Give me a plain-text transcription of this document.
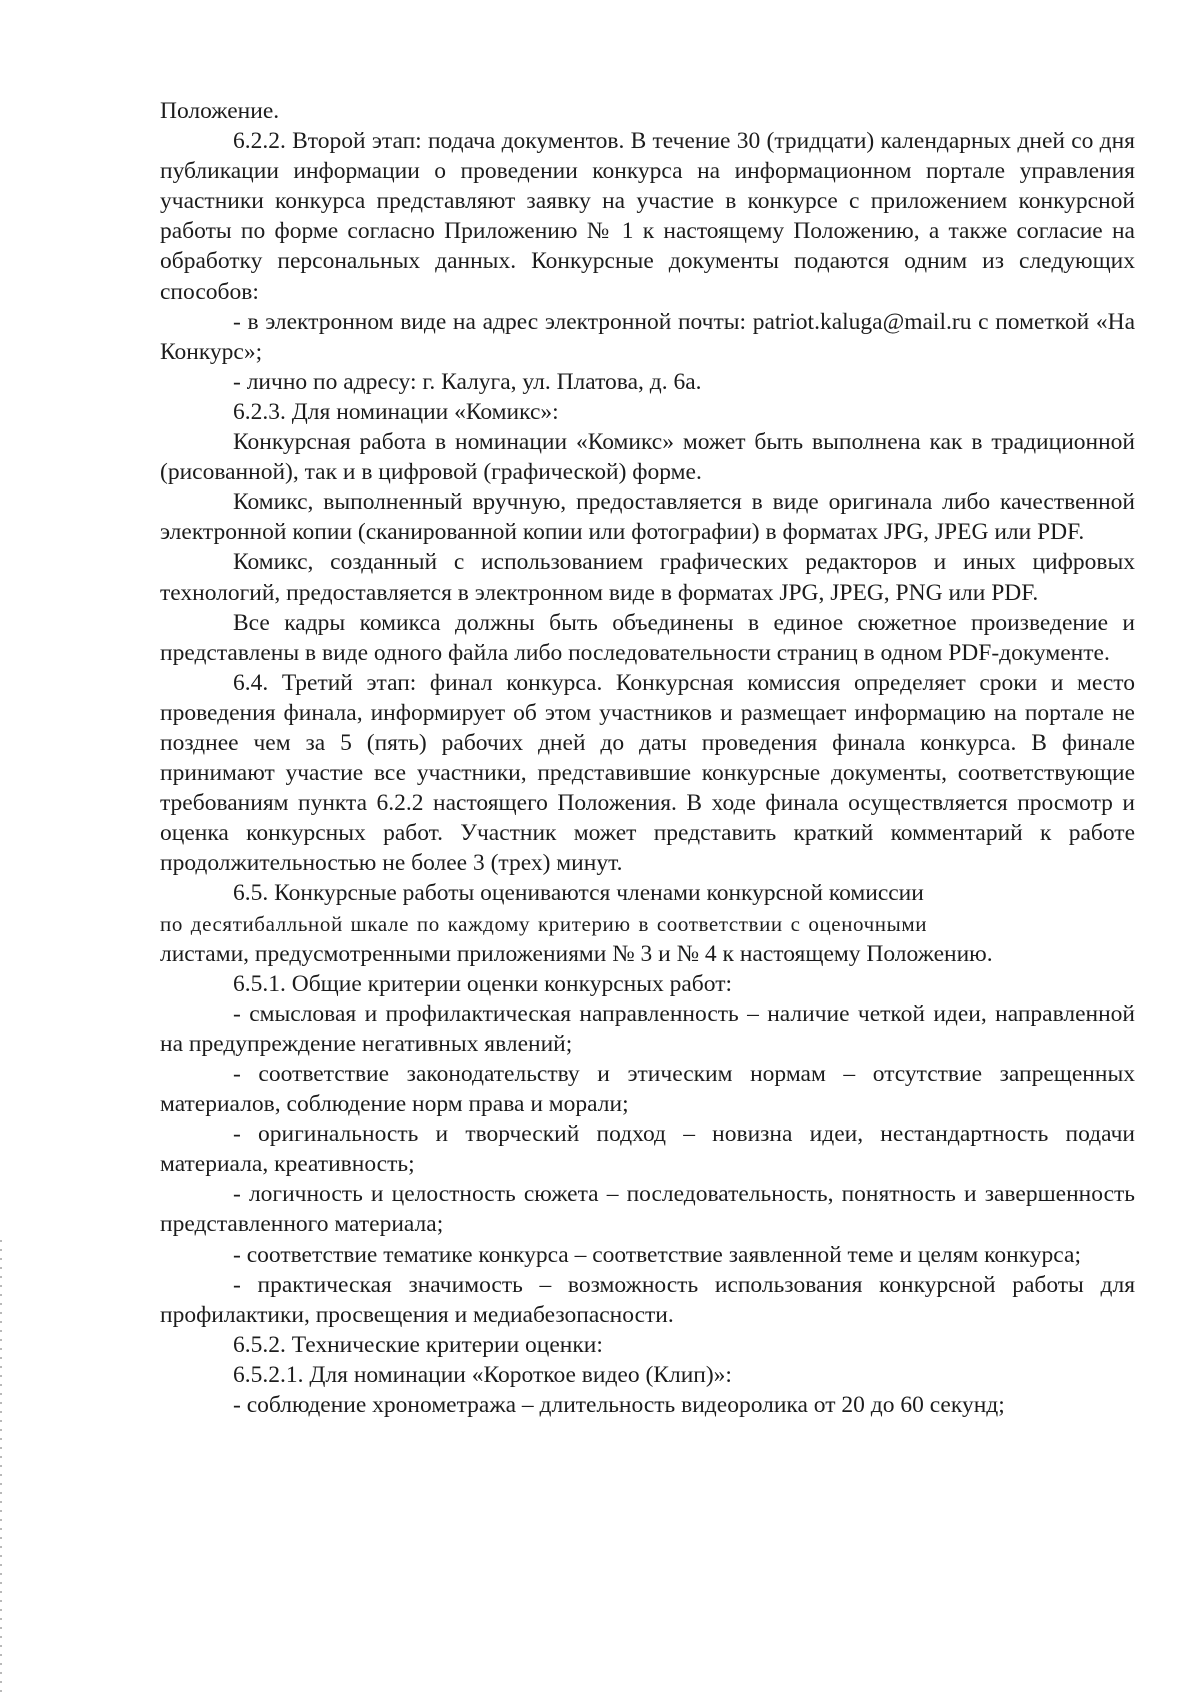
Положение.

6.2.2. Второй этап: подача документов. В течение 30 (тридцати) календарных дней со дня публикации информации о проведении конкурса на информационном портале управления участники конкурса представляют заявку на участие в конкурсе с приложением конкурсной работы по форме согласно Приложению № 1 к настоящему Положению, а также согласие на обработку персональных данных. Конкурсные документы подаются одним из следующих способов:

- в электронном виде на адрес электронной почты: patriot.kaluga@mail.ru с пометкой «На Конкурс»;

- лично по адресу: г. Калуга, ул. Платова, д. 6а.

6.2.3. Для номинации «Комикс»:

Конкурсная работа в номинации «Комикс» может быть выполнена как в традиционной (рисованной), так и в цифровой (графической) форме.

Комикс, выполненный вручную, предоставляется в виде оригинала либо качественной электронной копии (сканированной копии или фотографии) в форматах JPG, JPEG или PDF.

Комикс, созданный с использованием графических редакторов и иных цифровых технологий, предоставляется в электронном виде в форматах JPG, JPEG, PNG или PDF.

Все кадры комикса должны быть объединены в единое сюжетное произведение и представлены в виде одного файла либо последовательности страниц в одном PDF-документе.

6.4. Третий этап: финал конкурса. Конкурсная комиссия определяет сроки и место проведения финала, информирует об этом участников и размещает информацию на портале не позднее чем за 5 (пять) рабочих дней до даты проведения финала конкурса. В финале принимают участие все участники, представившие конкурсные документы, соответствующие требованиям пункта 6.2.2 настоящего Положения. В ходе финала осуществляется просмотр и оценка конкурсных работ. Участник может представить краткий комментарий к работе продолжительностью не более 3 (трех) минут.

6.5. Конкурсные работы оцениваются членами конкурсной комиссии

по десятибалльной шкале по каждому критерию в соответствии с оценочными

листами, предусмотренными приложениями № 3 и № 4 к настоящему Положению.

6.5.1. Общие критерии оценки конкурсных работ:

- смысловая и профилактическая направленность – наличие четкой идеи, направленной на предупреждение негативных явлений;

- соответствие законодательству и этическим нормам – отсутствие запрещенных материалов, соблюдение норм права и морали;

- оригинальность и творческий подход – новизна идеи, нестандартность подачи материала, креативность;

- логичность и целостность сюжета – последовательность, понятность и завершенность представленного материала;

- соответствие тематике конкурса – соответствие заявленной теме и целям конкурса;

- практическая значимость – возможность использования конкурсной работы для профилактики, просвещения и медиабезопасности.

6.5.2. Технические критерии оценки:

6.5.2.1. Для номинации «Короткое видео (Клип)»:

- соблюдение хронометража – длительность видеоролика от 20 до 60 секунд;
